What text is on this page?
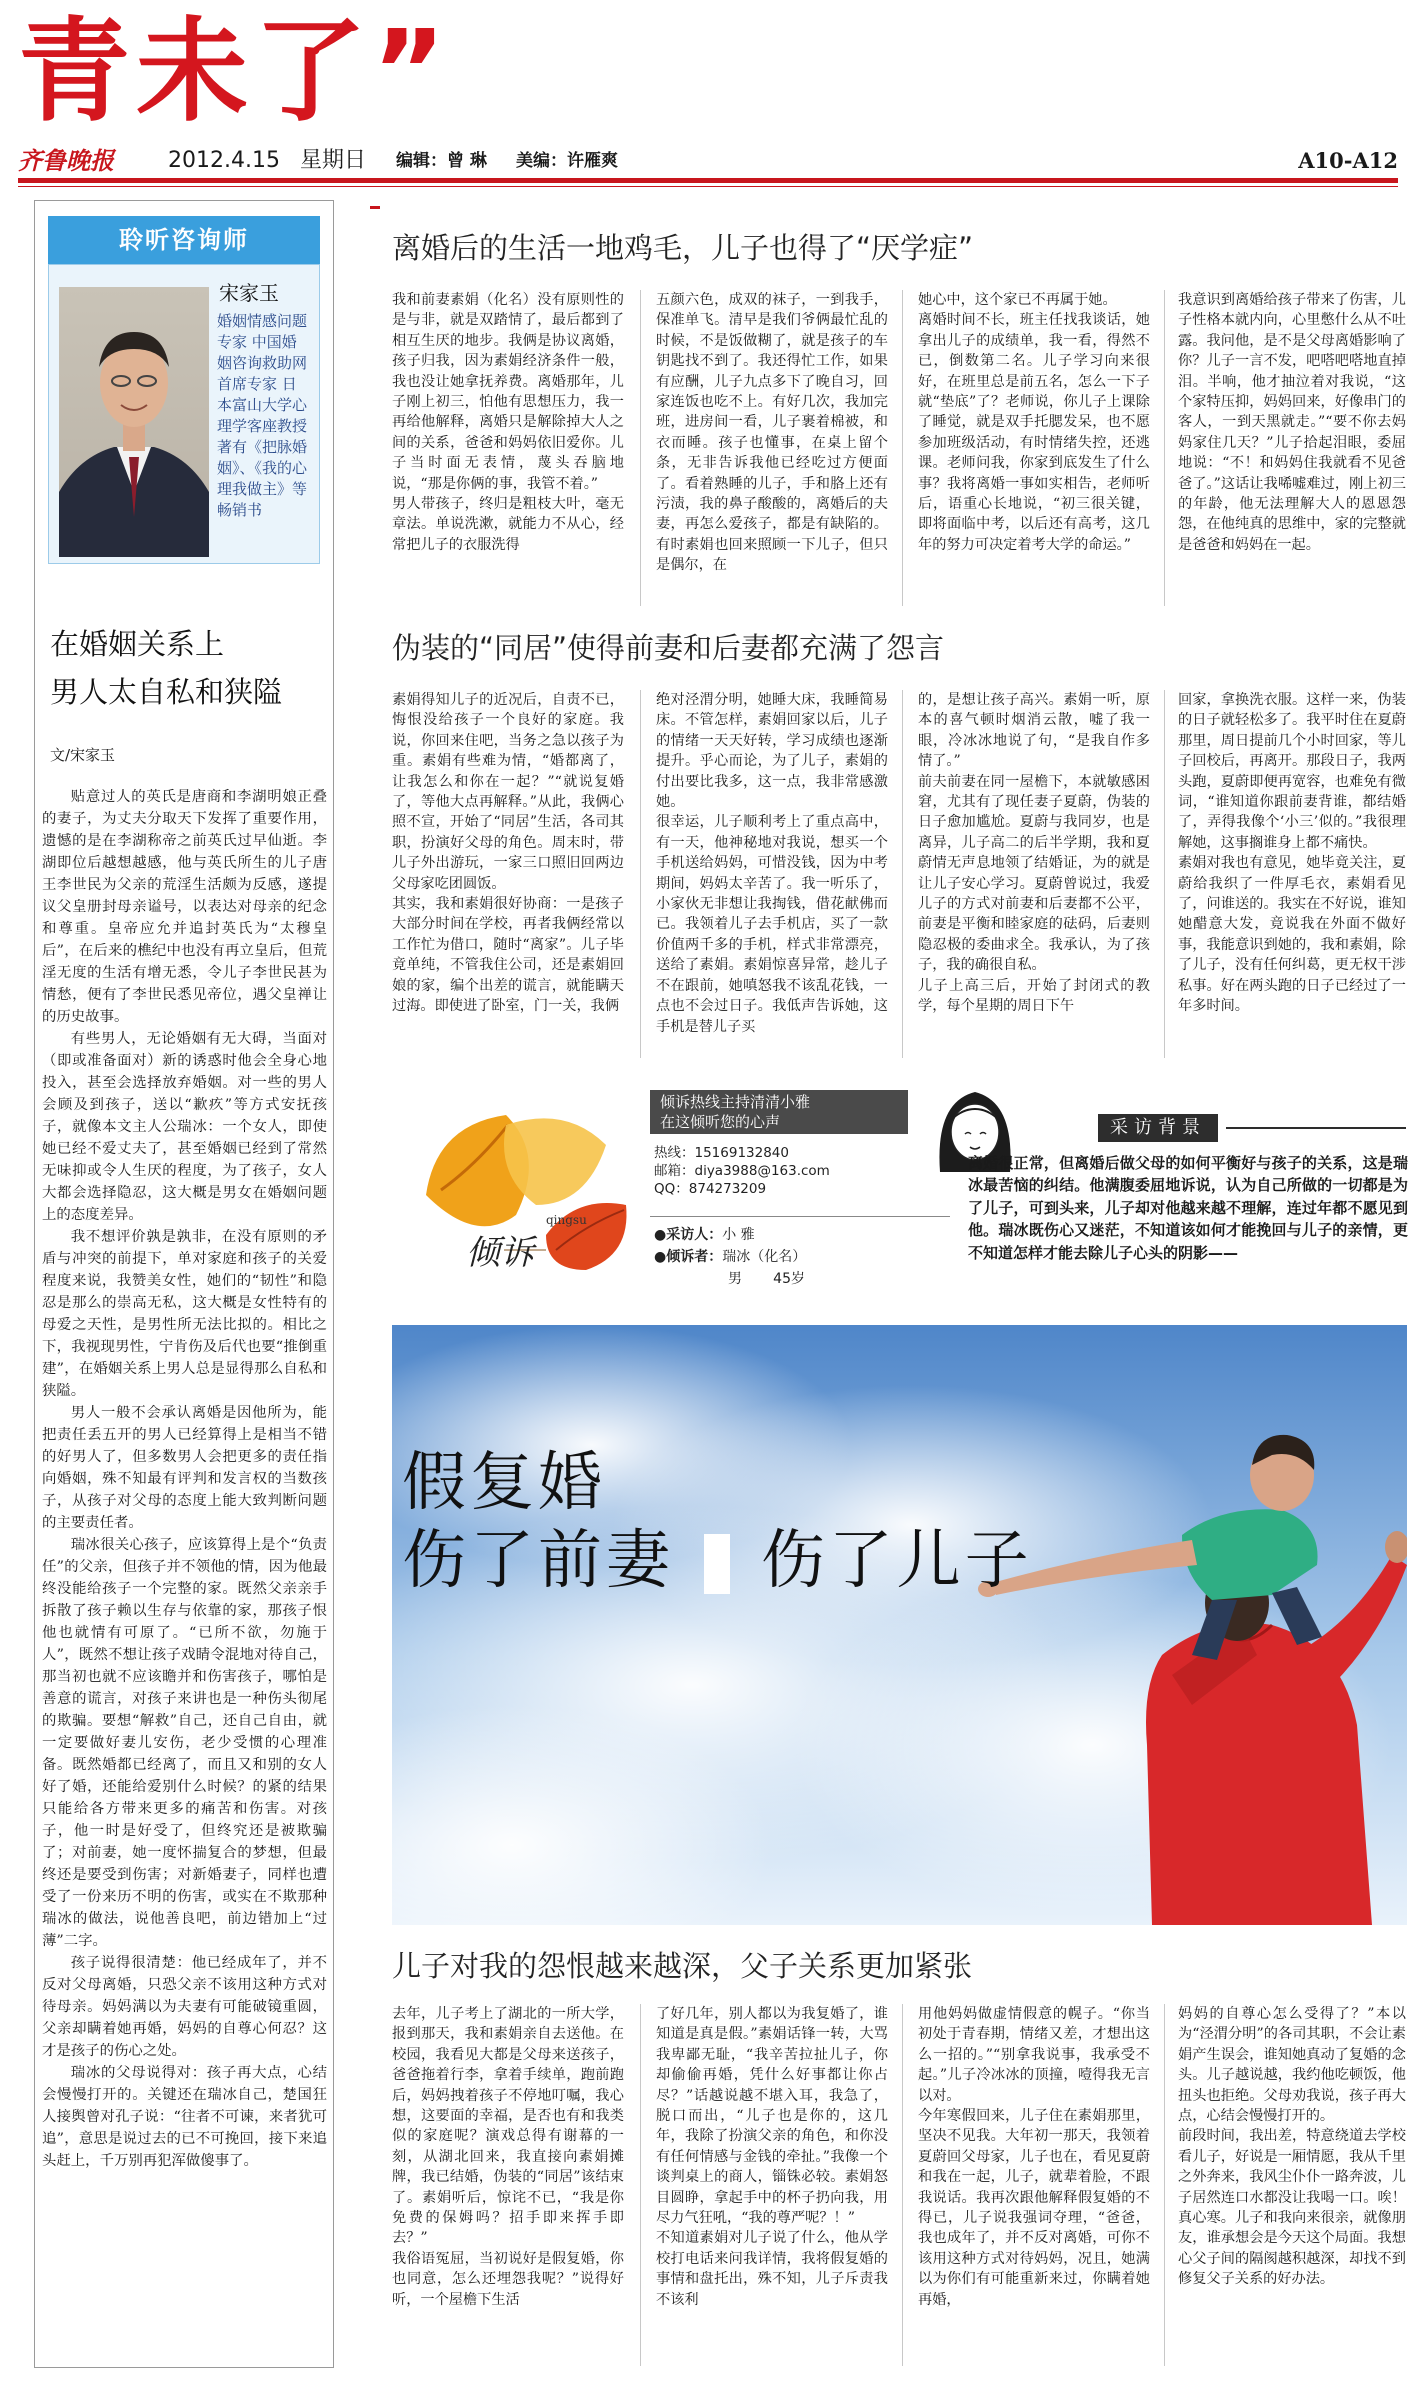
青未了”
齐鲁晚报 2012.4.15 星期日 编辑：曾 琳 美编：许雁爽	A10-A12
聆听咨询师
宋家玉
婚姻情感问题专家 中国婚姻咨询救助网首席专家 日本富山大学心理学客座教授 著有《把脉婚姻》、《我的心理我做主》等畅销书
在婚姻关系上
男人太自私和狭隘
文/宋家玉

贴意过人的英氏是唐商和李湖明娘正叠的妻子，为丈夫分取天下发挥了重要作用，遗憾的是在李湖称帝之前英氏过早仙逝。李湖即位后越想越感，他与英氏所生的儿子唐王李世民为父亲的荒淫生活颇为反感，遂提议父皇册封母亲谥号，以表达对母亲的纪念和尊重。皇帝应允并追封英氏为“太穆皇后”，在后来的樵纪中也没有再立皇后，但荒淫无度的生活有增无悉，令儿子李世民甚为情愁，便有了李世民悉见帝位，遇父皇禅让的历史故事。

有些男人，无论婚姻有无大碍，当面对（即或准备面对）新的诱惑时他会全身心地投入，甚至会选择放弃婚姻。对一些的男人会顾及到孩子，送以“歉疚”等方式安抚孩子，就像本文主人公瑞冰：一个女人，即使她已经不爱丈夫了，甚至婚姻已经到了常然无味抑或令人生厌的程度，为了孩子，女人大都会选择隐忍，这大概是男女在婚姻问题上的态度差异。

我不想评价孰是孰非，在没有原则的矛盾与冲突的前提下，单对家庭和孩子的关爱程度来说，我赞美女性，她们的“韧性”和隐忍是那么的崇高无私，这大概是女性特有的母爱之天性，是男性所无法比拟的。相比之下，我视现男性，宁肯伤及后代也要“推倒重建”，在婚姻关系上男人总是显得那么自私和狭隘。

男人一般不会承认离婚是因他所为，能把责任丢五开的男人已经算得上是相当不错的好男人了，但多数男人会把更多的责任指向婚姻，殊不知最有评判和发言权的当数孩子，从孩子对父母的态度上能大致判断问题的主要责任者。

瑞冰很关心孩子，应该算得上是个“负责任”的父亲，但孩子并不领他的情，因为他最终没能给孩子一个完整的家。既然父亲亲手拆散了孩子赖以生存与依靠的家，那孩子恨他也就情有可原了。“已所不欲，勿施于人”，既然不想让孩子戏睛令混地对待自己，那当初也就不应该瞻并和伤害孩子，哪怕是善意的谎言，对孩子来讲也是一种伤头彻尾的欺骗。要想“解救”自己，还自己自由，就一定要做好妻儿安伤，老少受惯的心理准备。既然婚都已经离了，而且又和别的女人好了婚，还能给爱别什么时候？的紧的结果只能给各方带来更多的痛苦和伤害。对孩子，他一时是好受了，但终究还是被欺骗了；对前妻，她一度怀揣复合的梦想，但最终还是要受到伤害；对新婚妻子，同样也遭受了一份来历不明的伤害，或实在不欺那种瑞冰的做法，说他善良吧，前边错加上“过薄”二字。

孩子说得很清楚：他已经成年了，并不反对父母离婚，只恐父亲不该用这种方式对待母亲。妈妈满以为夫妻有可能破镜重圆，父亲却瞒着她再婚，妈妈的自尊心何忍？这才是孩子的伤心之处。

瑞冰的父母说得对：孩子再大点，心结会慢慢打开的。关键还在瑞冰自己，楚国狂人接舆曾对孔子说：“往者不可谏，来者犹可追”，意思是说过去的已不可挽回，接下来追头赶上，千万别再犯浑做傻事了。

离婚后的生活一地鸡毛，儿子也得了“厌学症”
我和前妻素娟（化名）没有原则性的是与非，就是双踏情了，最后都到了相互生厌的地步。我俩是协议离婚，孩子归我，因为素娟经济条件一般，我也没让她拿抚养费。离婚那年，儿子刚上初三，怕他有思想压力，我一再给他解释，离婚只是解除掉大人之间的关系，爸爸和妈妈依旧爱你。儿子当时面无表情，蔑头吞脑地说，“那是你俩的事，我管不着。”
男人带孩子，终归是粗枝大叶，毫无章法。单说洗漱，就能力不从心，经常把儿子的衣服洗得
五颜六色，成双的袜子，一到我手，保准单飞。清早是我们爷俩最忙乱的时候，不是饭做糊了，就是孩子的车钥匙找不到了。我还得忙工作，如果有应酬，儿子九点多下了晚自习，回家连饭也吃不上。有好几次，我加完班，进房间一看，儿子裹着棉被，和衣而睡。孩子也懂事，在桌上留个条，无非告诉我他已经吃过方便面了。看着熟睡的儿子，手和胳上还有污渍，我的鼻子酸酸的，离婚后的夫妻，再怎么爱孩子，都是有缺陷的。有时素娟也回来照顾一下儿子，但只是偶尔，在
她心中，这个家已不再属于她。
离婚时间不长，班主任找我谈话，她拿出儿子的成绩单，我一看，得然不已，倒数第二名。儿子学习向来很好，在班里总是前五名，怎么一下子就“垫底”了？老师说，你儿子上课除了睡觉，就是双手托腮发呆，也不愿参加班级活动，有时情绪失控，还逃课。老师问我，你家到底发生了什么事？我将离婚一事如实相告，老师听后，语重心长地说，“初三很关键，即将面临中考，以后还有高考，这几年的努力可决定着考大学的命运。”
我意识到离婚给孩子带来了伤害，儿子性格本就内向，心里憋什么从不吐露。我问他，是不是父母离婚影响了你？儿子一言不发，吧嗒吧嗒地直掉泪。半响，他才抽泣着对我说，“这个家特压抑，妈妈回来，好像串门的客人，一到天黑就走。”“要不你去妈妈家住几天？”儿子拾起泪眼，委屈地说：“不！和妈妈住我就看不见爸爸了。”这话让我唏嘘难过，刚上初三的年龄，他无法理解大人的恩恩怨怨，在他纯真的思维中，家的完整就是爸爸和妈妈在一起。
伪装的“同居”使得前妻和后妻都充满了怨言
素娟得知儿子的近况后，自责不已，悔恨没给孩子一个良好的家庭。我说，你回来住吧，当务之急以孩子为重。素娟有些难为情，“婚都离了，让我怎么和你在一起？”“就说复婚了，等他大点再解释。”从此，我俩心照不宣，开始了“同居”生活，各司其职，扮演好父母的角色。周末时，带儿子外出游玩，一家三口照旧回两边父母家吃团圆饭。
其实，我和素娟很好协商：一是孩子大部分时间在学校，再者我俩经常以工作忙为借口，随时“离家”。儿子毕竟单纯，不管我住公司，还是素娟回娘的家，编个出差的谎言，就能瞒天过海。即使进了卧室，门一关，我俩
绝对泾渭分明，她睡大床，我睡简易床。不管怎样，素娟回家以后，儿子的情绪一天天好转，学习成绩也逐渐提升。乎心而论，为了儿子，素娟的付出要比我多，这一点，我非常感激她。
很幸运，儿子顺利考上了重点高中，有一天，他神秘地对我说，想买一个手机送给妈妈，可惜没钱，因为中考期间，妈妈太辛苦了。我一听乐了，小家伙无非想让我掏钱，借花献佛而已。我领着儿子去手机店，买了一款价值两千多的手机，样式非常漂亮，送给了素娟。素娟惊喜异常，趁儿子不在跟前，她嗔怒我不该乱花钱，一点也不会过日子。我低声告诉她，这手机是替儿子买
的，是想让孩子高兴。素娟一听，原本的喜气顿时烟消云散，嘘了我一眼，冷冰冰地说了句，“是我自作多情了。”
前夫前妻在同一屋檐下，本就敏感困窘，尤其有了现任妻子夏蔚，伪装的日子愈加尴尬。夏蔚与我同岁，也是离异，儿子高二的后半学期，我和夏蔚情无声息地领了结婚证，为的就是让儿子安心学习。夏蔚曾说过，我爱儿子的方式对前妻和后妻都不公平，前妻是平衡和睦家庭的砝码，后妻则隐忍极的委曲求全。我承认，为了孩子，我的确很自私。
儿子上高三后，开始了封闭式的教学，每个星期的周日下午
回家，拿换洗衣服。这样一来，伪装的日子就轻松多了。我平时住在夏蔚那里，周日提前几个小时回家，等儿子回校后，再离开。那段日子，我两头跑，夏蔚即便再宽容，也难免有微词，“谁知道你跟前妻背谁，都结婚了，弄得我像个‘小三’似的。”我很理解她，这事搁谁身上都不痛快。
素娟对我也有意见，她毕竟关注，夏蔚给我织了一件厚毛衣，素娟看见了，问谁送的。我实在不好说，谁知她醋意大发，竟说我在外面不做好事，我能意识到她的，我和素娟，除了儿子，没有任何纠葛，更无权干涉私事。好在两头跑的日子已经过了一年多时间。
倾诉
qingsu
倾诉热线主持清清小雅
在这倾听您的心声
热线：15169132840
邮箱：diya3988@163.com
QQ：874273209
●采访人：小 雅
●倾诉者：瑞冰（化名）
男 45岁
采访背景
离婚很正常，但离婚后做父母的如何平衡好与孩子的关系，这是瑞冰最苦恼的纠结。他满腹委屈地诉说，认为自己所做的一切都是为了儿子，可到头来，儿子却对他越来越不理解，连过年都不愿见到他。瑞冰既伤心又迷茫，不知道该如何才能挽回与儿子的亲情，更不知道怎样才能去除儿子心头的阴影——
假复婚
伤了前妻 伤了儿子
儿子对我的怨恨越来越深，父子关系更加紧张
去年，儿子考上了湖北的一所大学，报到那天，我和素娟亲自去送他。在校园，我看见大都是父母来送孩子，爸爸拖着行李，拿着手续单，跑前跑后，妈妈拽着孩子不停地叮嘱，我心想，这要面的幸福，是否也有和我类似的家庭呢？演戏总得有谢幕的一刻，从湖北回来，我直接向素娟摊牌，我已结婚，伪装的“同居”该结束了。素娟听后，惊诧不已，“我是你免费的保姆吗？招手即来挥手即去？”
我俗语冤屈，当初说好是假复婚，你也同意，怎么还埋怨我呢？”说得好听，一个屋檐下生活
了好几年，别人都以为我复婚了，谁知道是真是假。”素娟话锋一转，大骂我卑鄙无耻，“我辛苦拉扯儿子，你却偷偷再婚，凭什么好事都让你占尽？”话越说越不堪入耳，我急了，脱口而出，“儿子也是你的，这几年，我除了扮演父亲的角色，和你没有任何情感与金钱的牵扯。”我像一个谈判桌上的商人，锱铢必较。素娟怒目圆睁，拿起手中的杯子扔向我，用尽力气狂吼，“我的尊严呢？！”
不知道素娟对儿子说了什么，他从学校打电话来问我详情，我将假复婚的事情和盘托出，殊不知，儿子斥责我不该利
用他妈妈做虚情假意的幌子。“你当初处于青春期，情绪又差，才想出这么一招的。”“别拿我说事，我承受不起。”儿子冷冰冰的顶撞，噎得我无言以对。
今年寒假回来，儿子住在素娟那里，坚决不见我。大年初一那天，我领着夏蔚回父母家，儿子也在，看见夏蔚和我在一起，儿子，就辈着脸，不跟我说话。我再次跟他解释假复婚的不得已，儿子说我强词夺理，“爸爸，我也成年了，并不反对离婚，可你不该用这种方式对待妈妈，况且，她满以为你们有可能重新来过，你瞒着她再婚，
妈妈的自尊心怎么受得了？”本以为“泾渭分明”的各司其职，不会让素娟产生误会，谁知她真动了复婚的念头。儿子越说越，我约他吃顿饭，他扭头也拒绝。父母劝我说，孩子再大点，心结会慢慢打开的。
前段时间，我出差，特意绕道去学校看儿子，好说是一厢情愿，我从千里之外奔来，我风尘仆仆一路奔波，儿子居然连口水都没让我喝一口。唉！真心寒。儿子和我向来很亲，就像朋友，谁承想会是今天这个局面。我想心父子间的隔阂越积越深，却找不到修复父子关系的好办法。
